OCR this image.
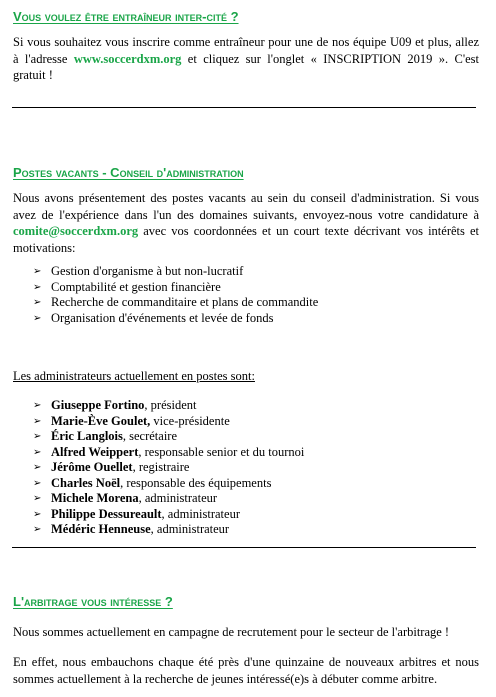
Vous voulez être entraîneur inter-cité ?
Si vous souhaitez vous inscrire comme entraîneur pour une de nos équipe U09 et plus, allez à l'adresse www.soccerdxm.org et cliquez sur l'onglet « INSCRIPTION 2019 ». C'est gratuit !
Postes vacants - Conseil d'administration
Nous avons présentement des postes vacants au sein du conseil d'administration. Si vous avez de l'expérience dans l'un des domaines suivants, envoyez-nous votre candidature à comite@soccerdxm.org avec vos coordonnées et un court texte décrivant vos intérêts et motivations:
➢ Gestion d'organisme à but non-lucratif
➢ Comptabilité et gestion financière
➢ Recherche de commanditaire et plans de commandite
➢ Organisation d'événements et levée de fonds
Les administrateurs actuellement en postes sont:
➢ Giuseppe Fortino, président
➢ Marie-Ève Goulet, vice-présidente
➢ Éric Langlois, secrétaire
➢ Alfred Weippert, responsable senior et du tournoi
➢ Jérôme Ouellet, registraire
➢ Charles Noël, responsable des équipements
➢ Michele Morena, administrateur
➢ Philippe Dessureault, administrateur
➢ Médéric Henneuse, administrateur
L'arbitrage vous intéresse ?
Nous sommes actuellement en campagne de recrutement pour le secteur de l'arbitrage !
En effet, nous embauchons chaque été près d'une quinzaine de nouveaux arbitres et nous sommes actuellement à la recherche de jeunes intéressé(e)s à débuter comme arbitre.
